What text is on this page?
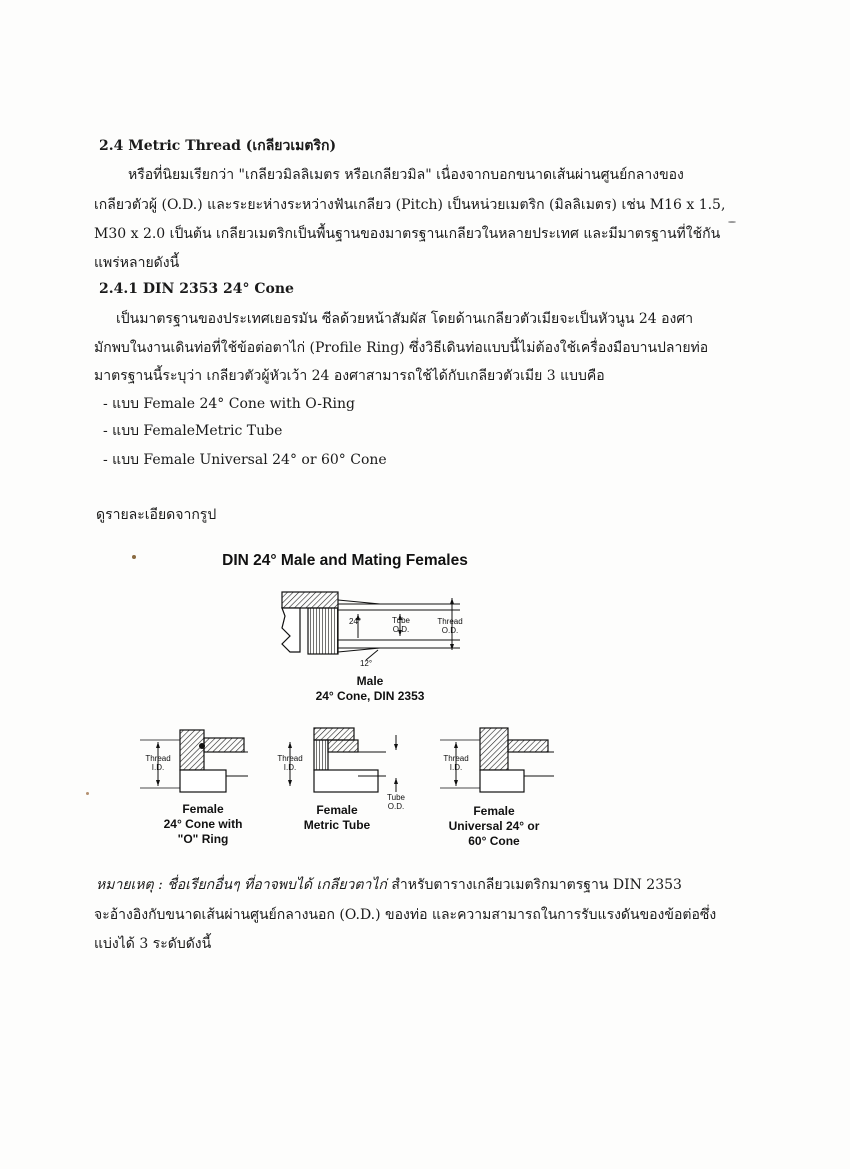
2.4 Metric Thread (เกลียวเมตริก)
หรือที่นิยมเรียกว่า "เกลียวมิลลิเมตร หรือเกลียวมิล" เนื่องจากบอกขนาดเส้นผ่านศูนย์กลางของ
เกลียวตัวผู้ (O.D.) และระยะห่างระหว่างฟันเกลียว (Pitch) เป็นหน่วยเมตริก (มิลลิเมตร) เช่น M16 x 1.5,
M30 x 2.0 เป็นต้น เกลียวเมตริกเป็นพื้นฐานของมาตรฐานเกลียวในหลายประเทศ และมีมาตรฐานที่ใช้กัน
แพร่หลายดังนี้
2.4.1 DIN 2353 24° Cone
เป็นมาตรฐานของประเทศเยอรมัน ซีลด้วยหน้าสัมผัส โดยด้านเกลียวตัวเมียจะเป็นหัวนูน 24 องศา
มักพบในงานเดินท่อที่ใช้ข้อต่อตาไก่ (Profile Ring) ซึ่งวิธีเดินท่อแบบนี้ไม่ต้องใช้เครื่องมือบานปลายท่อ
มาตรฐานนี้ระบุว่า เกลียวตัวผู้หัวเว้า 24 องศาสามารถใช้ได้กับเกลียวตัวเมีย 3 แบบคือ
- แบบ Female 24° Cone with O-Ring
- แบบ FemaleMetric Tube
- แบบ Female Universal 24° or 60° Cone
ดูรายละเอียดจากรูป
DIN 24° Male and Mating Females
24°	Tube
O.D.
Thread
O.D.
12°
Male
24° Cone, DIN 2353
Thread
I.D.
Female
24° Cone with
"O" Ring
Thread
I.D.
Tube
O.D.
Female
Metric Tube
Thread
I.D.
Female
Universal 24° or
60° Cone
หมายเหตุ : ชื่อเรียกอื่นๆ ที่อาจพบได้ เกลียวตาไก่ สำหรับตารางเกลียวเมตริกมาตรฐาน DIN 2353
จะอ้างอิงกับขนาดเส้นผ่านศูนย์กลางนอก (O.D.) ของท่อ และความสามารถในการรับแรงดันของข้อต่อซึ่ง
แบ่งได้ 3 ระดับดังนี้
